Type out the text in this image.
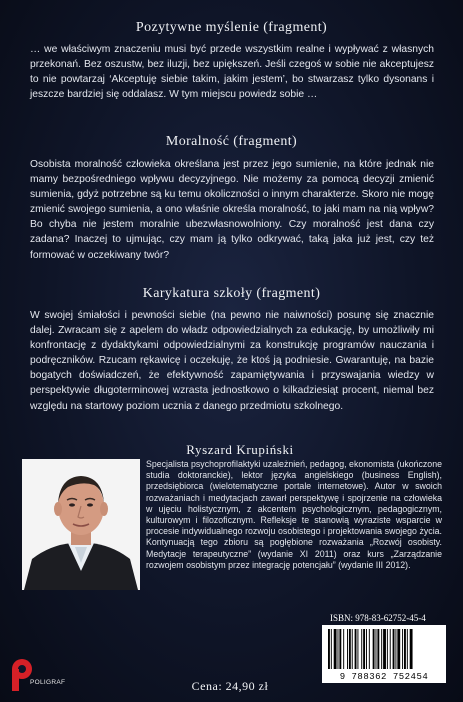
Pozytywne myślenie (fragment)
… we właściwym znaczeniu musi być przede wszystkim realne i wypływać z własnych przekonań. Bez oszustw, bez iluzji, bez upiększeń. Jeśli czegoś w sobie nie akceptujesz to nie powtarzaj ‘Akceptuję siebie takim, jakim jestem’, bo stwarzasz tylko dysonans i jeszcze bardziej się oddalasz. W tym miejscu powiedz sobie …
Moralność (fragment)
Osobista moralność człowieka określana jest przez jego sumienie, na które jednak nie mamy bezpośredniego wpływu decyzyjnego. Nie możemy za pomocą decyzji zmienić sumienia, gdyż potrzebne są ku temu okoliczności o innym charakterze. Skoro nie mogę zmienić swojego sumienia, a ono właśnie określa moralność, to jaki mam na nią wpływ? Bo chyba nie jestem moralnie ubezwłasnowolniony. Czy moralność jest dana czy zadana? Inaczej to ujmując, czy mam ją tylko odkrywać, taką jaka już jest, czy też formować w oczekiwany twór?
Karykatura szkoły (fragment)
W swojej śmiałości i pewności siebie (na pewno nie naiwności) posunę się znacznie dalej. Zwracam się z apelem do władz odpowiedzialnych za edukację, by umożliwiły mi konfrontację z dydaktykami odpowiedzialnymi za konstrukcję programów nauczania i podręczników. Rzucam rękawicę i oczekuję, że ktoś ją podniesie. Gwarantuję, na bazie bogatych doświadczeń, że efektywność zapamiętywania i przyswajania wiedzy w perspektywie długoterminowej wzrasta jednostkowo o kilkadziesiąt procent, niemal bez względu na startowy poziom ucznia z danego przedmiotu szkolnego.
Ryszard Krupiński
Specjalista psychoprofilaktyki uzależnień, pedagog, ekonomista (ukończone studia doktoranckie), lektor języka angielskiego (business English), przedsiębiorca (wielotematyczne portale internetowe). Autor w swoich rozważaniach i medytacjach zawarł perspektywę i spojrzenie na człowieka w ujęciu holistycznym, z akcentem psychologicznym, pedagogicznym, kulturowym i filozoficznym. Refleksje te stanowią wyraziste wsparcie w procesie indywidualnego rozwoju osobistego i projektowania swojego życia. Kontynuacją tego zbioru są pogłębione rozważania „Rozwój osobisty. Medytacje terapeutyczne” (wydanie XI 2011) oraz kurs „Zarządzanie rozwojem osobistym przez integrację potencjału” (wydanie III 2012).
ISBN: 978-83-62752-45-4
9 788362 752454
POLIGRAF	Cena: 24,90 zł
